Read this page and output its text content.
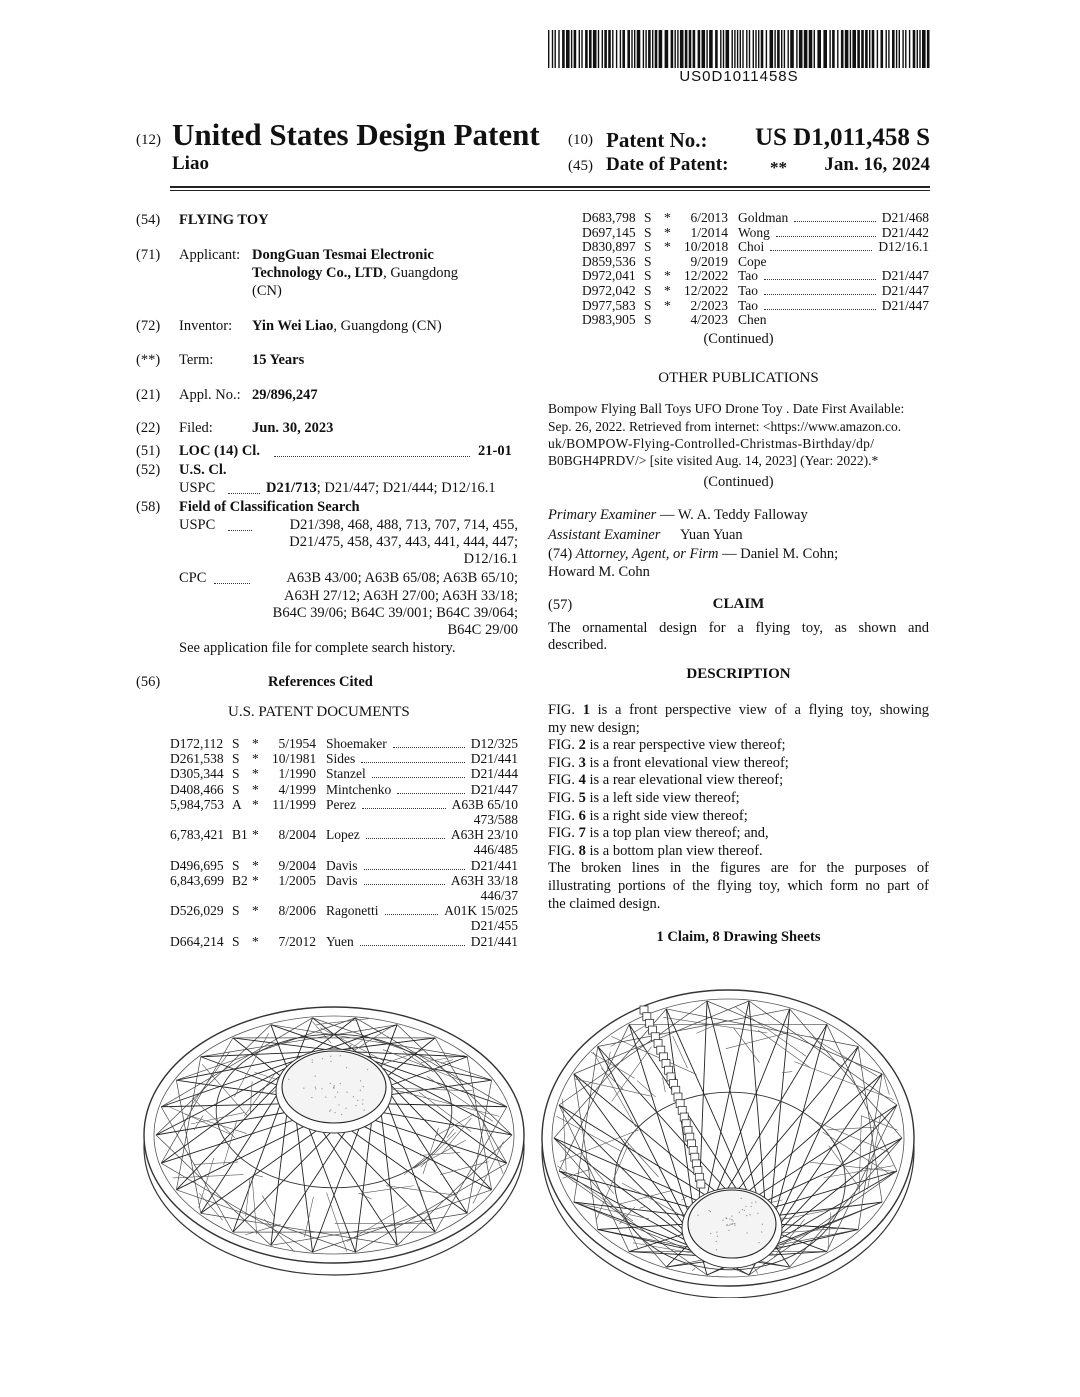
US0D1011458S
(12) United States Design Patent
Liao
(10) Patent No.: US D1,011,458 S
(45) Date of Patent: ** Jan. 16, 2024
(54) FLYING TOY
(71) Applicant: DongGuan Tesmai Electronic
Technology Co., LTD, Guangdong
(CN)
(72) Inventor: Yin Wei Liao, Guangdong (CN)
(**) Term:	15 Years
(21) Appl. No.: 29/896,247
(22) Filed:	Jun. 30, 2023
(51) LOC (14) Cl.	21-01
(52) U.S. Cl.
USPC	D21/713; D21/447; D21/444; D12/16.1
(58) Field of Classification Search
USPC	D21/398, 468, 488, 713, 707, 714, 455,
D21/475, 458, 437, 443, 441, 444, 447;
D12/16.1
CPC	A63B 43/00; A63B 65/08; A63B 65/10;
A63H 27/12; A63H 27/00; A63H 33/18;
B64C 39/06; B64C 39/001; B64C 39/064;
B64C 29/00
See application file for complete search history.
(56)	References Cited
U.S. PATENT DOCUMENTS
D172,112 S *	5/1954 Shoemaker	D12/325
D261,538 S * 10/1981 Sides	D21/441
D305,344 S *	1/1990 Stanzel	D21/444
D408,466 S *	4/1999 Mintchenko	D21/447
5,984,753 A * 11/1999 Perez	A63B 65/10
473/588
6,783,421 B1 *	8/2004 Lopez	A63H 23/10
446/485
D496,695 S *	9/2004 Davis	D21/441
6,843,699 B2 *	1/2005 Davis	A63H 33/18
446/37
D526,029 S *	8/2006 Ragonetti	A01K 15/025
D21/455
D664,214 S *	7/2012 Yuen	D21/441
D683,798 S *	6/2013 Goldman	D21/468
D697,145 S *	1/2014 Wong	D21/442
D830,897 S * 10/2018 Choi	D12/16.1
D859,536 S	9/2019 Cope
D972,041 S * 12/2022 Tao	D21/447
D972,042 S * 12/2022 Tao	D21/447
D977,583 S *	2/2023 Tao	D21/447
D983,905 S	4/2023 Chen
(Continued)
OTHER PUBLICATIONS
Bompow Flying Ball Toys UFO Drone Toy . Date First Available:
Sep. 26, 2022. Retrieved from internet: <https://www.amazon.co.
uk/BOMPOW-Flying-Controlled-Christmas-Birthday/dp/
B0BGH4PRDV/> [site visited Aug. 14, 2023] (Year: 2022).*
(Continued)
Primary Examiner — W. A. Teddy Falloway
Assistant Examiner Yuan Yuan
(74) Attorney, Agent, or Firm — Daniel M. Cohn;
Howard M. Cohn
(57)	CLAIM
The ornamental design for a flying toy, as shown and
described.
DESCRIPTION
FIG. 1 is a front perspective view of a flying toy, showing
my new design;
FIG. 2 is a rear perspective view thereof;
FIG. 3 is a front elevational view thereof;
FIG. 4 is a rear elevational view thereof;
FIG. 5 is a left side view thereof;
FIG. 6 is a right side view thereof;
FIG. 7 is a top plan view thereof; and,
FIG. 8 is a bottom plan view thereof.
The broken lines in the figures are for the purposes of
illustrating portions of the flying toy, which form no part of
the claimed design.
1 Claim, 8 Drawing Sheets
